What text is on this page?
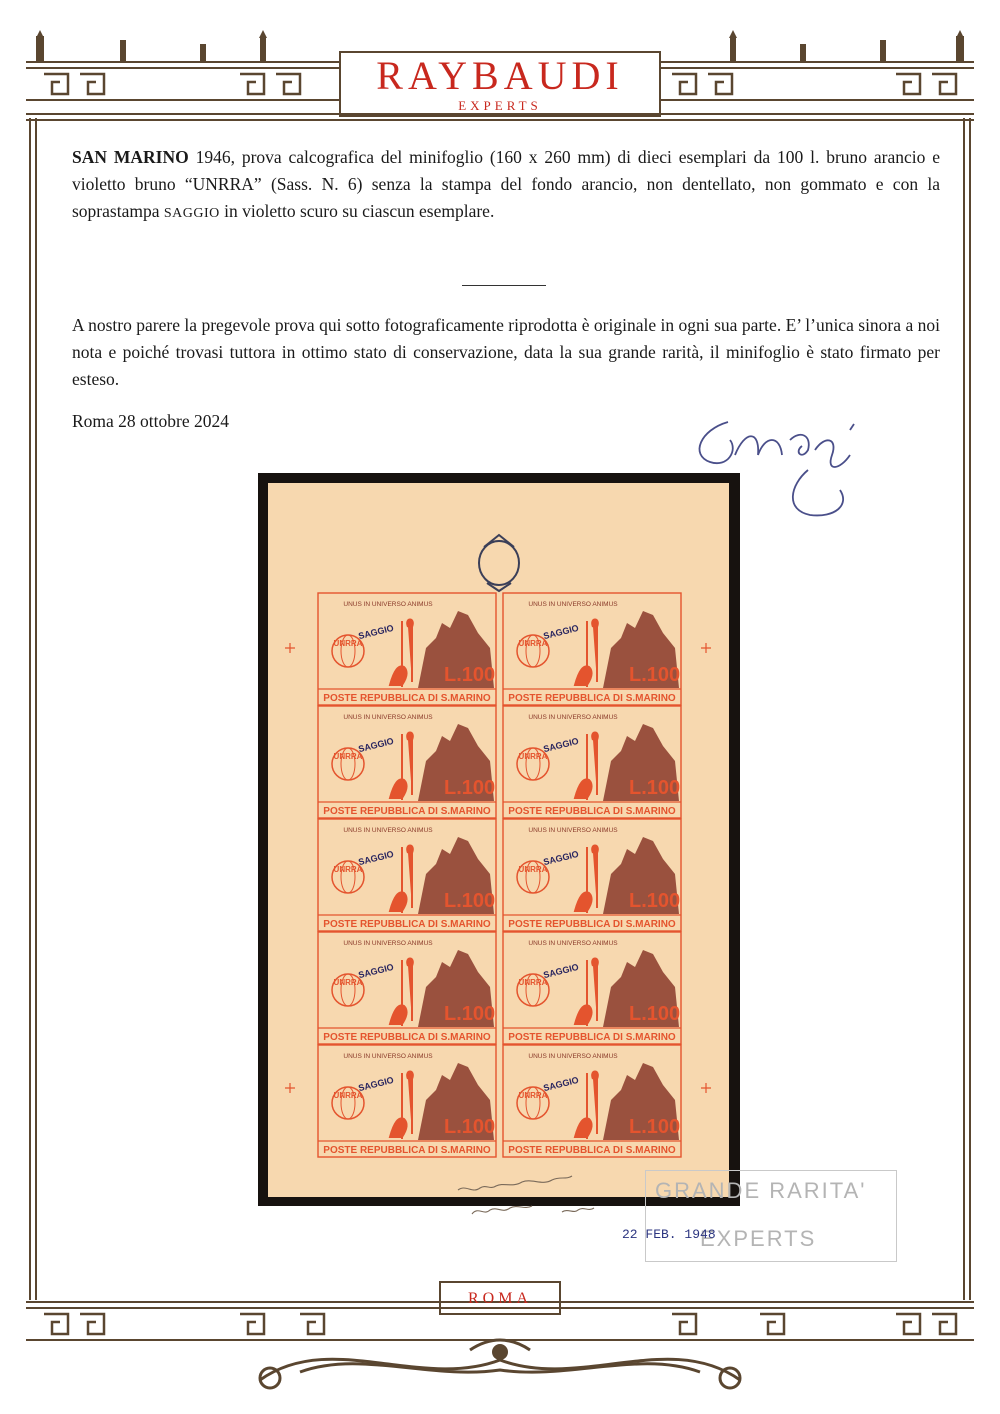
RAYBAUDI
EXPERTS
SAN MARINO 1946, prova calcografica del minifoglio (160 x 260 mm) di dieci esemplari da 100 l. bruno arancio e violetto bruno “UNRRA” (Sass. N. 6) senza la stampa del fondo arancio, non dentellato, non gommato e con la soprastampa SAGGIO in violetto scuro su ciascun esemplare.
A nostro parere la pregevole prova qui sotto fotograficamente riprodotta è originale in ogni sua parte. E’ l’unica sinora a noi nota e poiché trovasi tuttora in ottimo stato di conservazione, data la sua grande rarità, il minifoglio è stato firmato per esteso.
Roma 28 ottobre 2024
UNUS IN UNIVERSO ANIMUS
UNRRA
L.100
POSTE REPUBBLICA DI S.MARINO
SAGGIO
UNUS IN UNIVERSO ANIMUS
UNRRA
L.100
POSTE REPUBBLICA DI S.MARINO
SAGGIO
UNUS IN UNIVERSO ANIMUS
UNRRA
L.100
POSTE REPUBBLICA DI S.MARINO
SAGGIO
UNUS IN UNIVERSO ANIMUS
UNRRA
L.100
POSTE REPUBBLICA DI S.MARINO
SAGGIO
UNUS IN UNIVERSO ANIMUS
UNRRA
L.100
POSTE REPUBBLICA DI S.MARINO
SAGGIO
UNUS IN UNIVERSO ANIMUS
UNRRA
L.100
POSTE REPUBBLICA DI S.MARINO
SAGGIO
UNUS IN UNIVERSO ANIMUS
UNRRA
L.100
POSTE REPUBBLICA DI S.MARINO
SAGGIO
UNUS IN UNIVERSO ANIMUS
UNRRA
L.100
POSTE REPUBBLICA DI S.MARINO
SAGGIO
UNUS IN UNIVERSO ANIMUS
UNRRA
L.100
POSTE REPUBBLICA DI S.MARINO
SAGGIO
UNUS IN UNIVERSO ANIMUS
UNRRA
L.100
POSTE REPUBBLICA DI S.MARINO
SAGGIO
GRANDE RARITA'
EXPERTS
22 FEB. 1948
ROMA
